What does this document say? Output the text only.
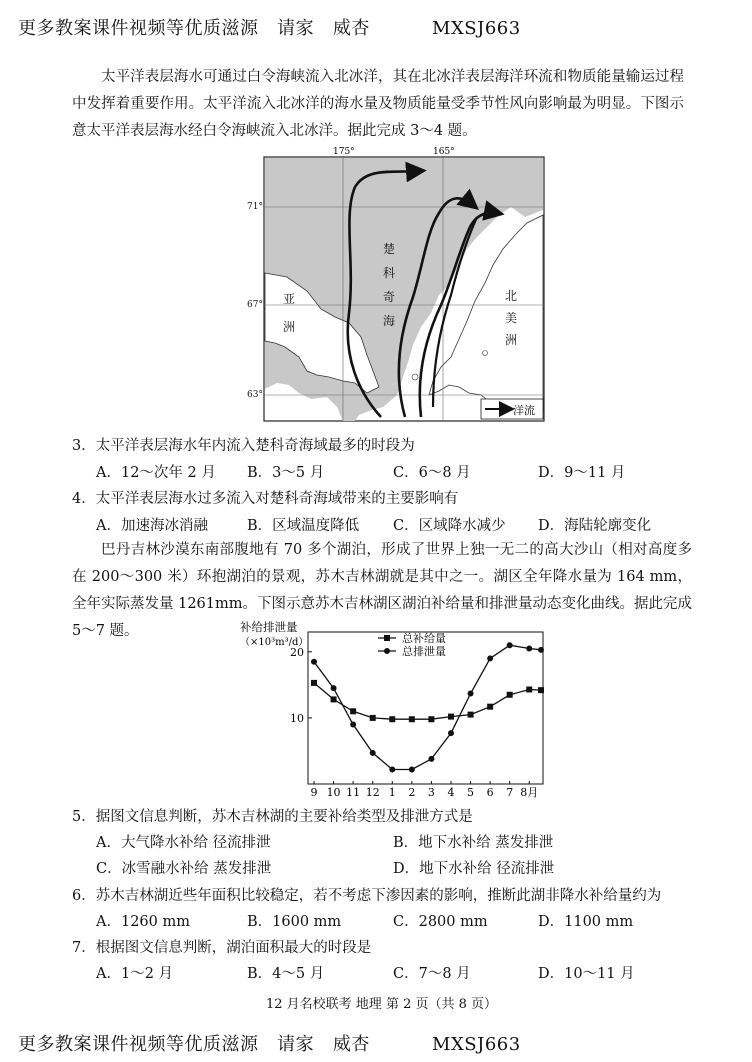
更多教案课件视频等优质滋源   请家   威杏          MXSJ663
太平洋表层海水可通过白令海峡流入北冰洋，其在北冰洋表层海洋环流和物质能量输运过程中发挥着重要作用。太平洋流入北冰洋的海水量及物质能量受季节性风向影响最为明显。下图示意太平洋表层海水经白令海峡流入北冰洋。据此完成 3～4 题。
洋流
175°	165°
71°
67°
63°
楚
科
奇
海
亚
洲
北
美
洲
3．太平洋表层海水年内流入楚科奇海域最多的时段为
A．12～次年 2 月 B．3～5 月	C．6～8 月	D．9～11 月
4．太平洋表层海水过多流入对楚科奇海域带来的主要影响有
A．加速海冰消融	B．区域温度降低 C．区域降水减少 D．海陆轮廓变化
巴丹吉林沙漠东南部腹地有 70 多个湖泊，形成了世界上独一无二的高大沙山（相对高度多在 200～300 米）环抱湖泊的景观，苏木吉林湖就是其中之一。湖区全年降水量为 164 mm，全年实际蒸发量 1261mm。下图示意苏木吉林湖区湖泊补给量和排泄量动态变化曲线。据此完成 5～7 题。	补给排泄量
（×10³m³/d）
10
20
9 10 11 12 1 2 3 4 5 6 7 8月
总补给量
总排泄量
5．据图文信息判断，苏木吉林湖的主要补给类型及排泄方式是
A．大气降水补给 径流排泄	B．地下水补给 蒸发排泄
C．冰雪融水补给 蒸发排泄	D．地下水补给 径流排泄
6．苏木吉林湖近些年面积比较稳定，若不考虑下渗因素的影响，推断此湖非降水补给量约为
A．1260 mm	B．1600 mm	C．2800 mm	D．1100 mm
7．根据图文信息判断，湖泊面积最大的时段是
A．1～2 月	B．4～5 月	C．7～8 月	D．10～11 月
12 月名校联考 地理 第 2 页（共 8 页）
更多教案课件视频等优质滋源   请家   威杏          MXSJ663
